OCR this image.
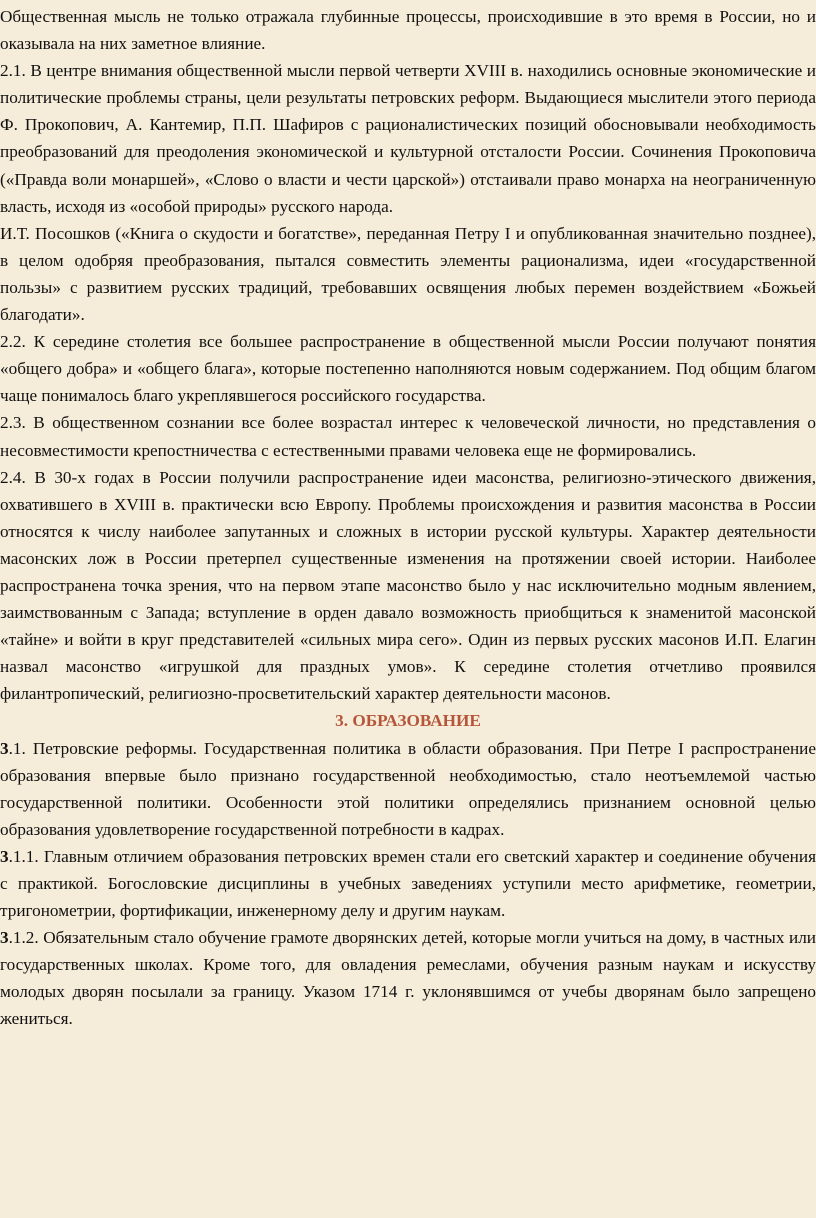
Общественная мысль не только отражала глубинные процессы, происходившие в это время в России, но и оказывала на них заметное влияние.

2.1. В центре внимания общественной мысли первой четверти XVIII в. находились основные экономические и политические проблемы страны, цели результаты петровских реформ. Выдающиеся мыслители этого периода Ф. Прокопович, А. Кантемир, П.П. Шафиров с рационалистических позиций обосновывали необходимость преобразований для преодоления экономической и культурной отсталости России. Сочинения Прокоповича («Правда воли монаршей», «Слово о власти и чести царской») отстаивали право монарха на неограниченную власть, исходя из «особой природы» русского народа.

И.Т. Посошков («Книга о скудости и богатстве», переданная Петру I и опубликованная значительно позднее), в целом одобряя преобразования, пытался совместить элементы рационализма, идеи «государственной пользы» с развитием русских традиций, требовавших освящения любых перемен воздействием «Божьей благодати».

2.2. К середине столетия все большее распространение в общественной мысли России получают понятия «общего добра» и «общего блага», которые постепенно наполняются новым содержанием. Под общим благом чаще понималось благо укреплявшегося российского государства.

2.3. В общественном сознании все более возрастал интерес к человеческой личности, но представления о несовместимости крепостничества с естественными правами человека еще не формировались.

2.4. В 30-х годах в России получили распространение идеи масонства, религиозно-этического движения, охватившего в XVIII в. практически всю Европу. Проблемы происхождения и развития масонства в России относятся к числу наиболее запутанных и сложных в истории русской культуры. Характер деятельности масонских лож в России претерпел существенные изменения на протяжении своей истории. Наиболее распространена точка зрения, что на первом этапе масонство было у нас исключительно модным явлением, заимствованным с Запада; вступление в орден давало возможность приобщиться к знаменитой масонской «тайне» и войти в круг представителей «сильных мира сего». Один из первых русских масонов И.П. Елагин назвал масонство «игрушкой для праздных умов». К середине столетия отчетливо проявился филантропический, религиозно-просветительский характер деятельности масонов.

3. ОБРАЗОВАНИЕ

3.1. Петровские реформы. Государственная политика в области образования. При Петре I распространение образования впервые было признано государственной необходимостью, стало неотъемлемой частью государственной политики. Особенности этой политики определялись признанием основной целью образования удовлетворение государственной потребности в кадрах.

3.1.1. Главным отличием образования петровских времен стали его светский характер и соединение обучения с практикой. Богословские дисциплины в учебных заведениях уступили место арифметике, геометрии, тригонометрии, фортификации, инженерному делу и другим наукам.

3.1.2. Обязательным стало обучение грамоте дворянских детей, которые могли учиться на дому, в частных или государственных школах. Кроме того, для овладения ремеслами, обучения разным наукам и искусству молодых дворян посылали за границу. Указом 1714 г. уклонявшимся от учебы дворянам было запрещено жениться.
